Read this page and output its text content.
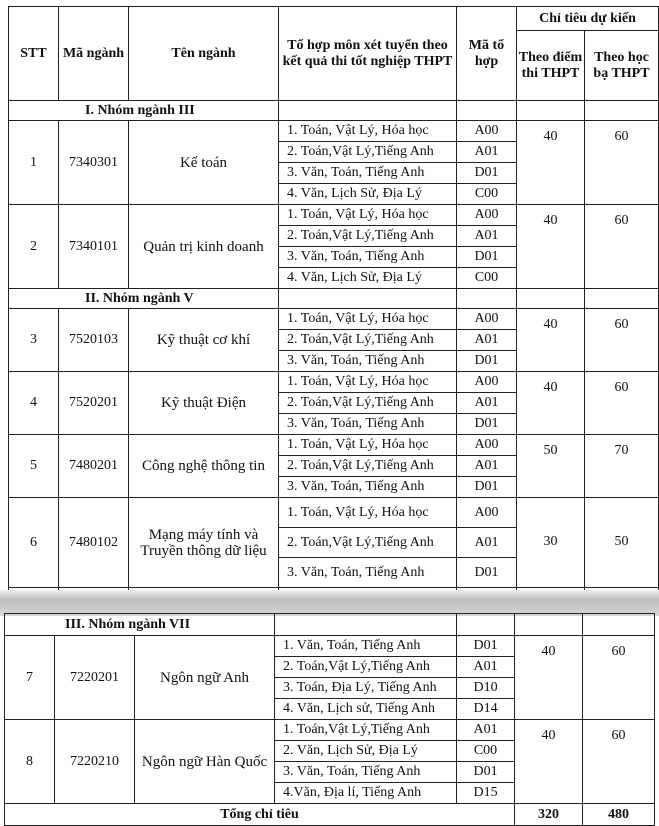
STT	Mã ngành	Tên ngành	Tổ hợp môn xét tuyển theo kết quả thi tốt nghiệp THPT	Mã tổ hợp	Chỉ tiêu dự kiến	
					Theo điểm thi THPT	Theo học bạ THPT
I. Nhóm ngành III						
1	7340301	Kế toán	1. Toán, Vật Lý, Hóa học	A00	40	60
			2. Toán,Vật Lý,Tiếng Anh	A01		
			3. Văn, Toán, Tiếng Anh	D01		
			4. Văn, Lịch Sử, Địa Lý	C00		
2	7340101	Quản trị kinh doanh	1. Toán, Vật Lý, Hóa học	A00	40	60
			2. Toán,Vật Lý,Tiếng Anh	A01		
			3. Văn, Toán, Tiếng Anh	D01		
			4. Văn, Lịch Sử, Địa Lý	C00		
II. Nhóm ngành V						
3	7520103	Kỹ thuật cơ khí	1. Toán, Vật Lý, Hóa học	A00	40	60
			2. Toán,Vật Lý,Tiếng Anh	A01		
			3. Văn, Toán, Tiếng Anh	D01		
4	7520201	Kỹ thuật Điện	1. Toán, Vật Lý, Hóa học	A00	40	60
			2. Toán,Vật Lý,Tiếng Anh	A01		
			3. Văn, Toán, Tiếng Anh	D01		
5	7480201	Công nghệ thông tin	1. Toán, Vật Lý, Hóa học	A00	50	70
			2. Toán,Vật Lý,Tiếng Anh	A01		
			3. Văn, Toán, Tiếng Anh	D01		
6	7480102	Mạng máy tính và Truyền thông dữ liệu	1. Toán, Vật Lý, Hóa học	A00	30	50
			2. Toán,Vật Lý,Tiếng Anh	A01		
			3. Văn, Toán, Tiếng Anh	D01		

III. Nhóm ngành VII						
7	7220201	Ngôn ngữ Anh	1. Văn, Toán, Tiếng Anh	D01	40	60
			2. Toán,Vật Lý,Tiếng Anh	A01		
			3. Toán, Địa Lý, Tiếng Anh	D10		
			4. Văn, Lịch sử, Tiếng Anh	D14		
8	7220210	Ngôn ngữ Hàn Quốc	1. Toán,Vật Lý,Tiếng Anh	A01	40	60
			2. Văn, Lịch Sử, Địa Lý	C00		
			3. Văn, Toán, Tiếng Anh	D01		
			4.Văn, Địa lí, Tiếng Anh	D15		
Tổng chỉ tiêu					320	480
